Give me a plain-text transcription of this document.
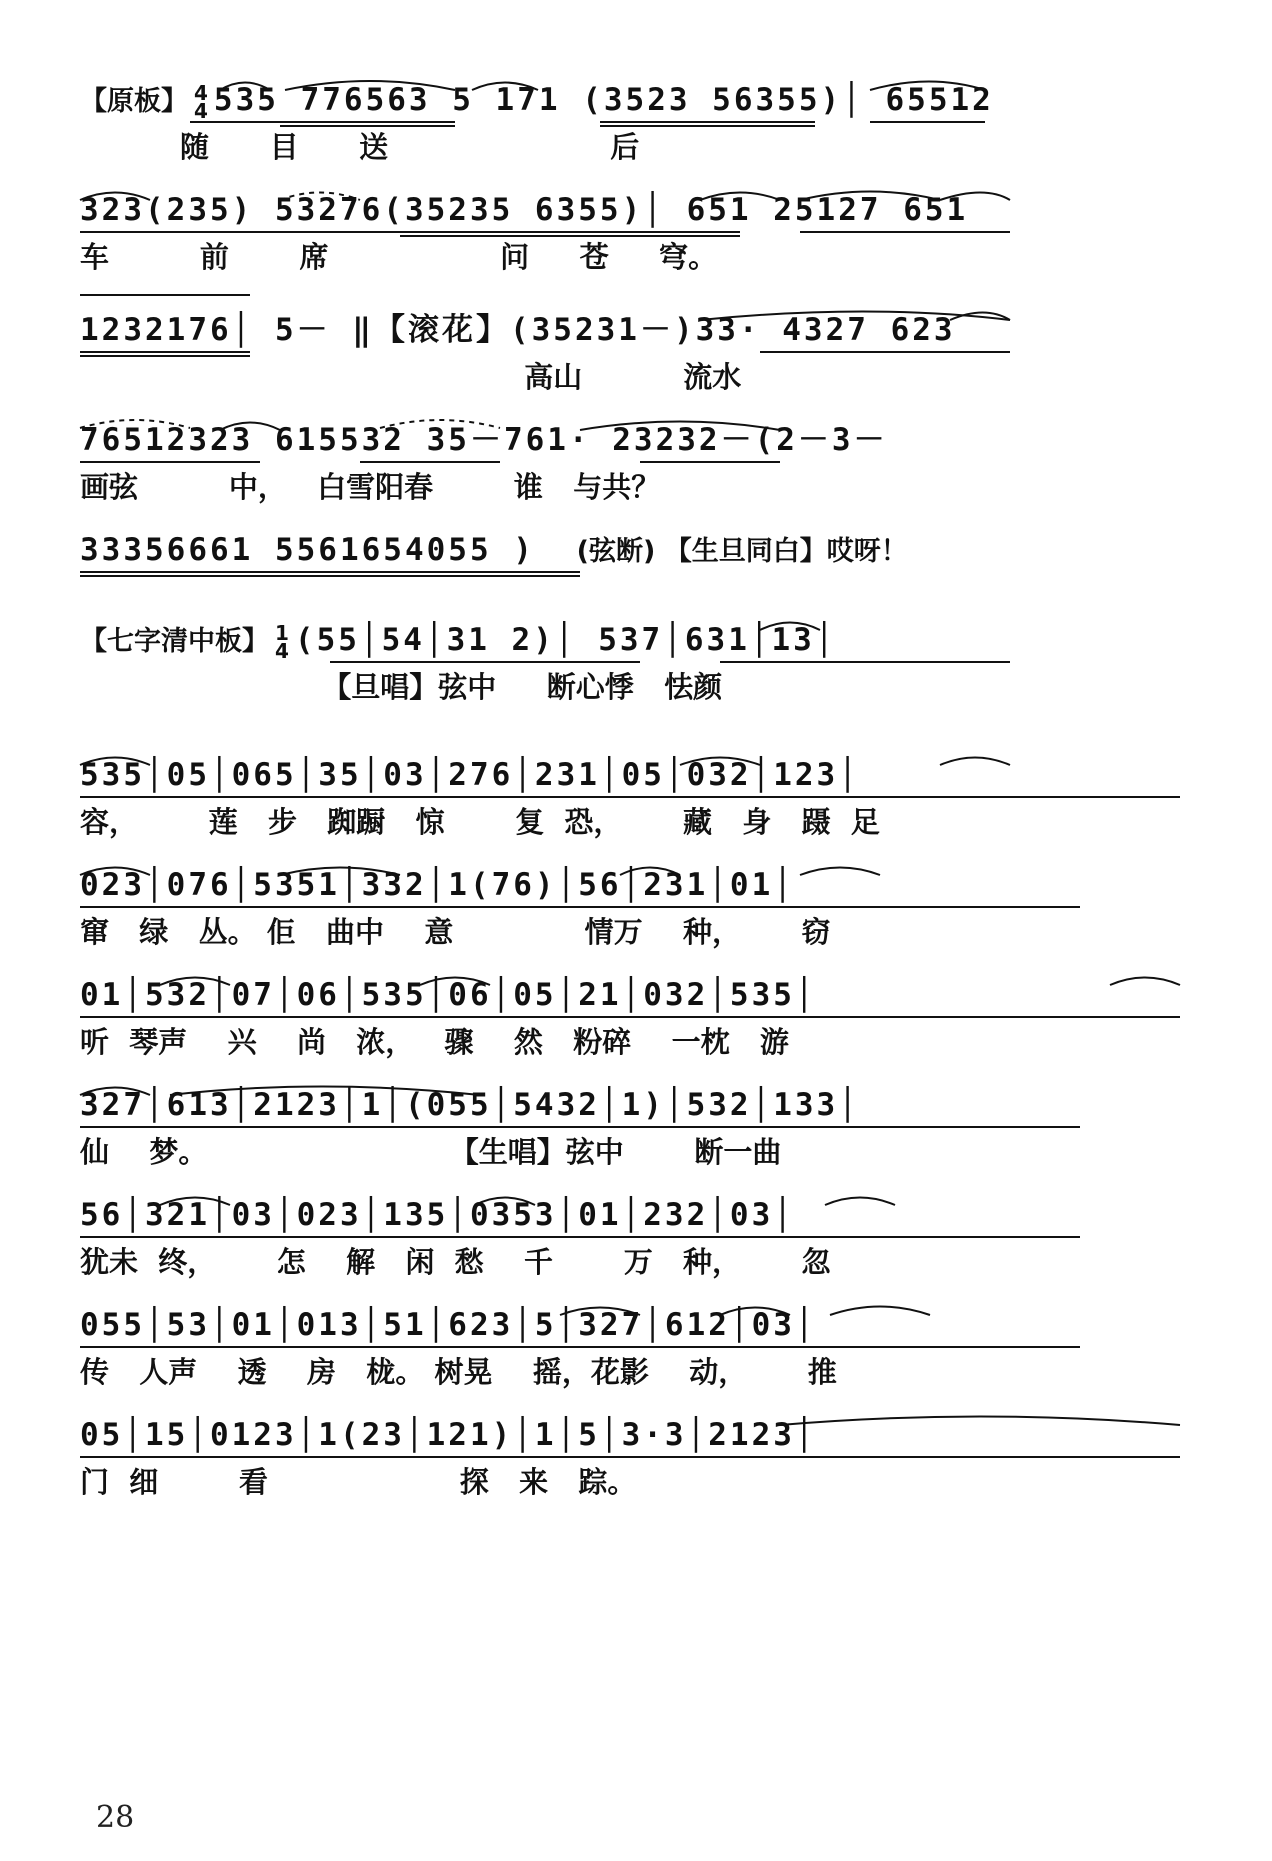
【原板】 4
4 535 776563 5 171 (3523 56355)│ 65512
随      目      送                      后
323(235) 53276(35235 6355)│ 651 25127 651
车         前       席                 问     苍     穹。
1232176│ 5－ ‖【滚花】(35231－)33· 4327 623
高山          流水
76512323 615532 35－761· 23232－(2－3－
画弦         中，   白雪阳春        谁   与共？
33356661 5561654055 ) (弦断) 【生旦同白】哎呀！
【七字清中板】 1
4 (55│54│31 2)│ 537│631│13│
【旦唱】弦中     断心悸   怯颜
535│05│065│35│03│276│231│05│032│123│
容，       莲   步   踟蹰   惊       复  恐，      藏   身   蹑  足
023│076│5351│332│1(76)│56│231│01│
窜   绿   丛。 佢   曲中    意             情万    种，      窃
01│532│07│06│535│06│05│21│032│535│
听  琴声    兴    尚   浓，   骤    然   粉碎    一枕   游
327│613│2123│1│(055│5432│1)│532│133│
仙    梦。                        【生唱】弦中       断一曲
56│321│03│023│135│0353│01│232│03│
犹未  终，      怎    解   闲  愁    千       万   种，      忽
055│53│01│013│51│623│5│327│612│03│
传   人声    透    房   栊。 树晃    摇，花影    动，      推
05│15│0123│1(23│121)│1│5│3·3│2123│
门  细        看                   探   来   踪。
28
